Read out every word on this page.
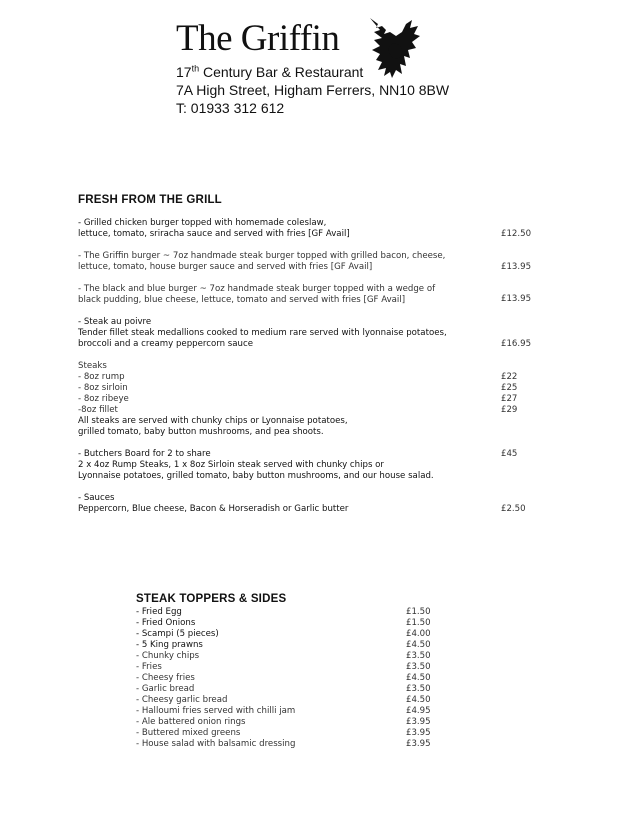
The Griffin
17th Century Bar & Restaurant
7A High Street, Higham Ferrers, NN10 8BW
T: 01933 312 612
FRESH FROM THE GRILL
- Grilled chicken burger topped with homemade coleslaw,
lettuce, tomato, sriracha sauce and served with fries [GF Avail]	£12.50
- The Griffin burger ~ 7oz handmade steak burger topped with grilled bacon, cheese,
lettuce, tomato, house burger sauce and served with fries [GF Avail]	£13.95
- The black and blue burger ~ 7oz handmade steak burger topped with a wedge of
black pudding, blue cheese, lettuce, tomato and served with fries [GF Avail]	£13.95
- Steak au poivre
Tender fillet steak medallions cooked to medium rare served with lyonnaise potatoes,
broccoli and a creamy peppercorn sauce	£16.95
Steaks
- 8oz rump	£22
- 8oz sirloin	£25
- 8oz ribeye	£27
-8oz fillet	£29
All steaks are served with chunky chips or Lyonnaise potatoes,
grilled tomato, baby button mushrooms, and pea shoots.
- Butchers Board for 2 to share	£45
2 x 4oz Rump Steaks, 1 x 8oz Sirloin steak served with chunky chips or
Lyonnaise potatoes, grilled tomato, baby button mushrooms, and our house salad.
- Sauces
Peppercorn, Blue cheese, Bacon & Horseradish or Garlic butter	£2.50
STEAK TOPPERS & SIDES
- Fried Egg	£1.50
- Fried Onions	£1.50
- Scampi (5 pieces)	£4.00
- 5 King prawns	£4.50
- Chunky chips	£3.50
- Fries	£3.50
- Cheesy fries	£4.50
- Garlic bread	£3.50
- Cheesy garlic bread	£4.50
- Halloumi fries served with chilli jam	£4.95
- Ale battered onion rings	£3.95
- Buttered mixed greens	£3.95
- House salad with balsamic dressing	£3.95
